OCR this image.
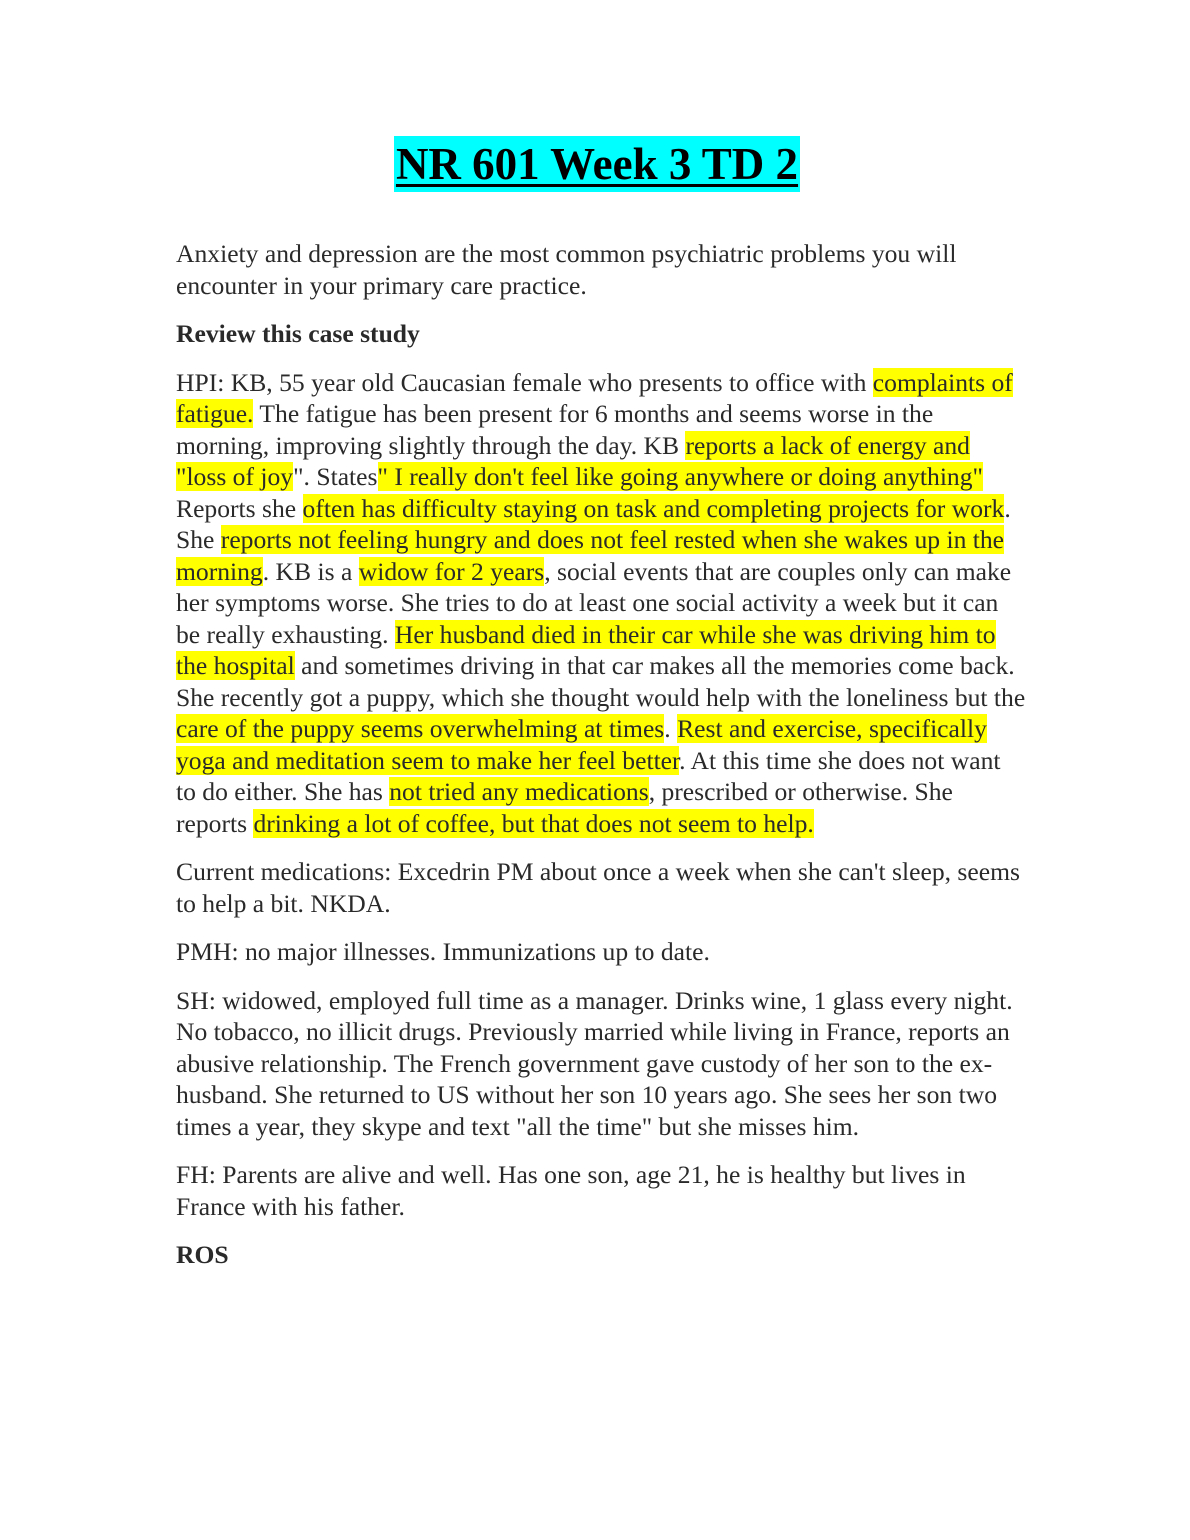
NR 601 Week 3 TD 2

Anxiety and depression are the most common psychiatric problems you will encounter in your primary care practice.

Review this case study

HPI: KB, 55 year old Caucasian female who presents to office with complaints of fatigue. The fatigue has been present for 6 months and seems worse in the morning, improving slightly through the day. KB reports a lack of energy and "loss of joy". States" I really don't feel like going anywhere or doing anything" Reports she often has difficulty staying on task and completing projects for work. She reports not feeling hungry and does not feel rested when she wakes up in the morning. KB is a widow for 2 years, social events that are couples only can make her symptoms worse. She tries to do at least one social activity a week but it can be really exhausting. Her husband died in their car while she was driving him to the hospital and sometimes driving in that car makes all the memories come back. She recently got a puppy, which she thought would help with the loneliness but the care of the puppy seems overwhelming at times. Rest and exercise, specifically yoga and meditation seem to make her feel better. At this time she does not want to do either. She has not tried any medications, prescribed or otherwise. She reports drinking a lot of coffee, but that does not seem to help.

Current medications: Excedrin PM about once a week when she can't sleep, seems to help a bit. NKDA.

PMH: no major illnesses. Immunizations up to date.

SH: widowed, employed full time as a manager. Drinks wine, 1 glass every night. No tobacco, no illicit drugs. Previously married while living in France, reports an abusive relationship. The French government gave custody of her son to the ex-husband. She returned to US without her son 10 years ago. She sees her son two times a year, they skype and text "all the time" but she misses him.

FH: Parents are alive and well. Has one son, age 21, he is healthy but lives in France with his father.

ROS
